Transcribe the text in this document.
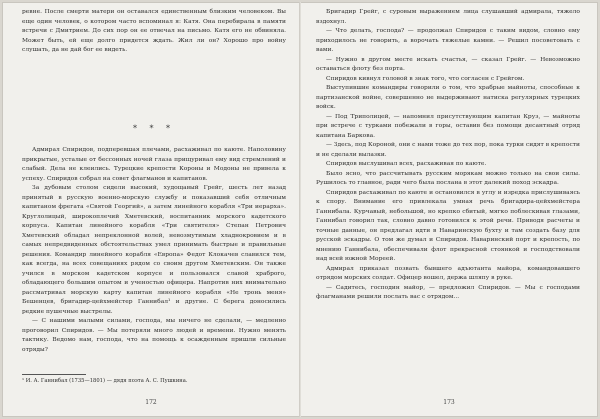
ревне. После смерти матери он оставался единственным близким человеком. Вы еще один человек, о котором часто вспоминал я: Катя. Она перебирала в памяти встречи с Дмитрием. До сих пор он ее отвечал на письмо. Катя его не обвиняла. Может быть, ей еще долго придется ждать. Жил ли он? Хорошо про войну слушать, да не дай бог ее видеть.

* * *

Адмирал Спиридов, подперевшая плечами, расхаживал по каюте. Наполовину прикрытые, усталые от бессонных ночей глаза прищуривал ему вид стремлений и слабый. Дела не клеились. Турецкие крепости Короны и Модоны не привела к успеху. Спиридов собрал на совет флагманов и капитанов.

За дубовым столом сидели высокий, худощавый Грейг, шесть лет назад принятый в русскую военно-морскую службу и показавший себя отличным капитаном фрегата «Святой Георгий», а затем линейного корабля «Три иерарха». Круглолицый, широкоплечий Хметевский, воспитанник морского кадетского корпуса. Капитан линейного корабля «Три святителя» Степан Петрович Хметевский обладал непреклонной волей, невозмутимым хладнокровием и в самых непредвиденных обстоятельствах умел принимать быстрые и правильные решения. Командир линейного корабля «Европа» Федот Клокачев славился тем, как всегда, на всех совещаниях рядом со своим другом Хметевским. Он также учился в морском кадетском корпусе и пользовался славой храброго, обладающего большим опытом и ученостью офицера. Напротив них внимательно рассматривал морскую карту капитан линейного корабля «Не тронь меня» Бешенцев, бригадир-цейхмейстер Ганнибал¹ и другие. С берега доносились редкие пушечные выстрелы.

— С нашими малыми силами, господа, мы ничего не сделали, — медленно проговорил Спиридов. — Мы потеряли много людей и времени. Нужно менять тактику. Ведомо нам, господа, что на помощь к осажденным пришли сильные отряды?

¹ И. А. Ганнибал (1735—1801) — дядя поэта А. С. Пушкина.

172

Бригадир Грейг, с суровым выражением лица слушавший адмирала, тяжело вздохнул.

— Что делать, господа? — продолжал Спиридов с таким видом, словно ему приходилось не говорить, а ворочать тяжелые камни. — Решил посоветовать с вами.

— Нужно в другом месте искать счастья, — сказал Грейг. — Невозможно оставаться флоту без порта.

Спиридов кивнул головой в знак того, что согласен с Грейгом.

Выступившие командиры говорили о том, что храбрые майноты, способные к партизанской войне, совершенно не выдерживают натиска регулярных турецких войск.

— Под Триполицей, — напомнил присутствующим капитан Круз, — майноты при встрече с турками побежали в горы, оставив без помощи десантный отряд капитана Баркова.

— Здесь, под Короной, они с нами тоже до тех пор, пока турки сидят в крепости и не сделали вылазки.

Спиридов выслушивал всех, расхаживая по каюте.

Было ясно, что рассчитывать русским морякам можно только на свои силы. Рушилось то главное, ради чего была послана в этот далекий поход эскадра.

Спиридов расхаживал по каюте и остановился в углу и изредка прислушиваясь к спору. Внимание его привлекала умная речь бригадира-цейхмейстера Ганнибала. Курчавый, небольшой, но крепко сбитый, мягко поблескивая глазами, Ганнибал говорил так, словно давно готовился к этой речи. Приводя расчеты и точные данные, он предлагал идти в Наваринскую бухту и там создать базу для русской эскадры. О том же думал и Спиридов. Наваринский порт и крепость, по мнению Ганнибала, обеспечивали флот прекрасной стоянкой и господствовали над всей южной Мореей.

Адмирал приказал позвать бывшего адъютанта майора, командовавшего отрядом морских солдат. Офицер вошел, держа шляпу в руке.

— Садитесь, господин майор, — предложил Спиридов. — Мы с господами флагманами решили послать вас с отрядом...

173
